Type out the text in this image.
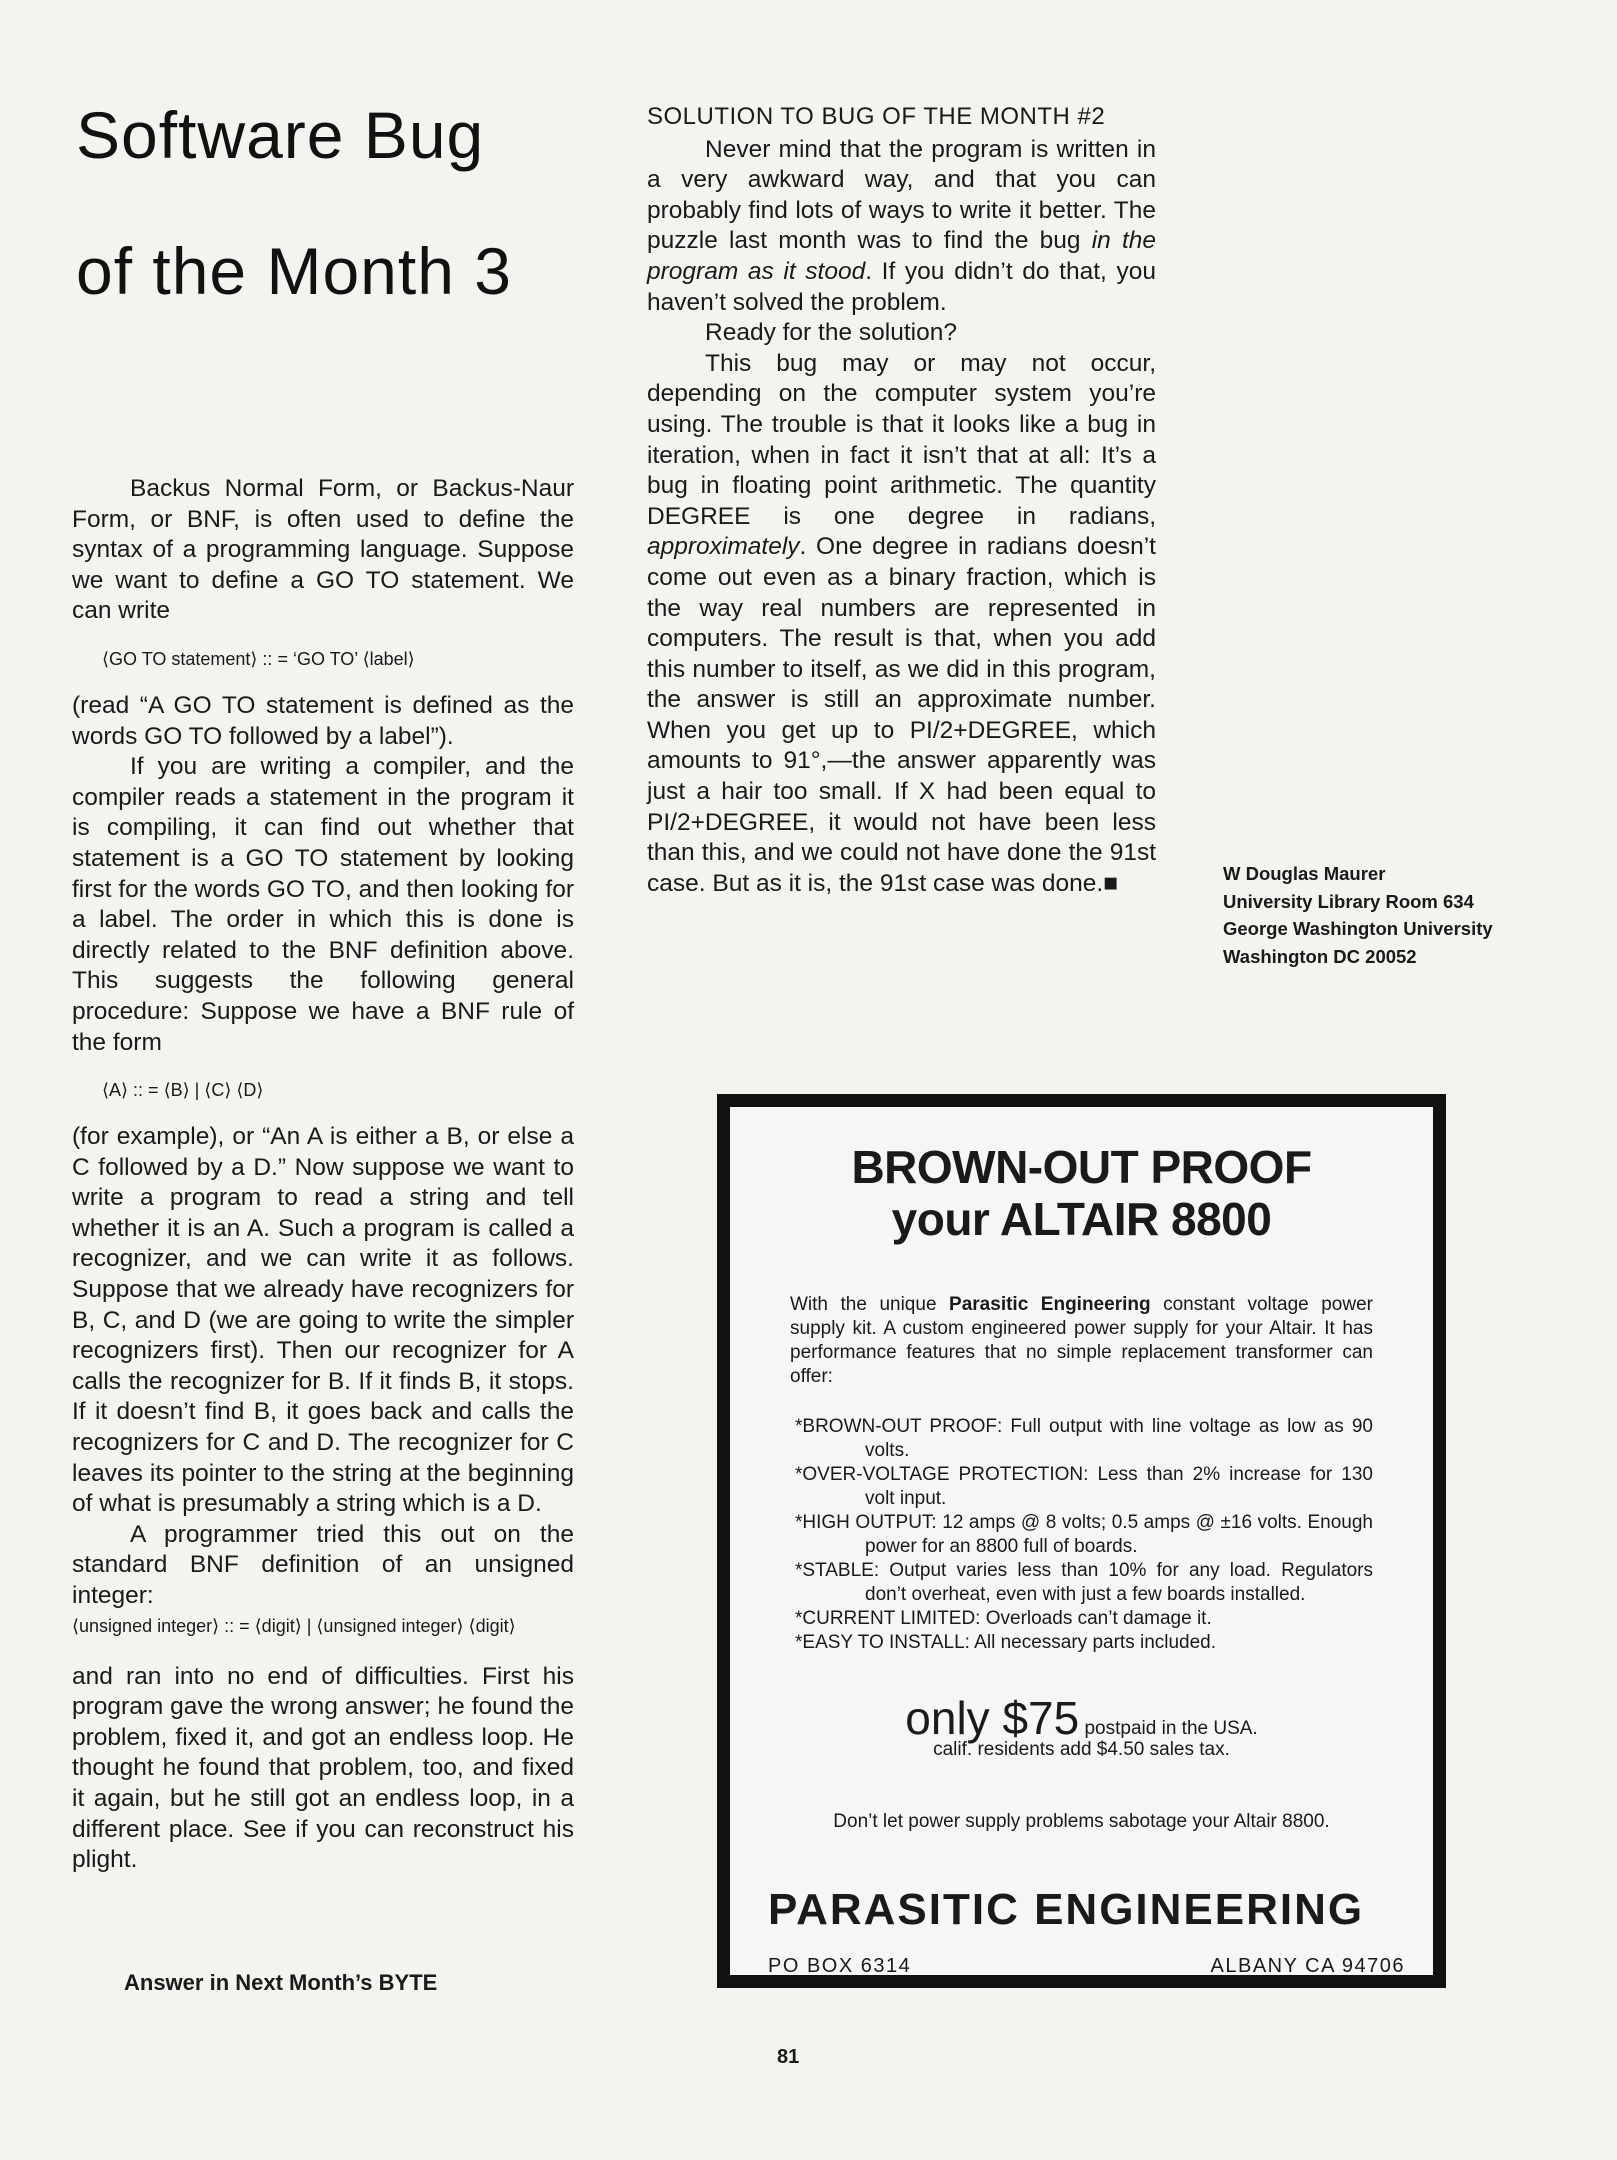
Software Bug
of the Month 3

Backus Normal Form, or Backus-Naur Form, or BNF, is often used to define the syntax of a programming language. Suppose we want to define a GO TO statement. We can write

⟨GO TO statement⟩ :: = ‘GO TO’ ⟨label⟩

(read “A GO TO statement is defined as the words GO TO followed by a label”).

If you are writing a compiler, and the compiler reads a statement in the program it is compiling, it can find out whether that statement is a GO TO statement by looking first for the words GO TO, and then looking for a label. The order in which this is done is directly related to the BNF definition above. This suggests the following general procedure: Suppose we have a BNF rule of the form

⟨A⟩ :: = ⟨B⟩ | ⟨C⟩ ⟨D⟩

(for example), or “An A is either a B, or else a C followed by a D.” Now suppose we want to write a program to read a string and tell whether it is an A. Such a program is called a recognizer, and we can write it as follows. Suppose that we already have recognizers for B, C, and D (we are going to write the simpler recognizers first). Then our recognizer for A calls the recognizer for B. If it finds B, it stops. If it doesn’t find B, it goes back and calls the recognizers for C and D. The recognizer for C leaves its pointer to the string at the beginning of what is presumably a string which is a D.

A programmer tried this out on the standard BNF definition of an unsigned integer:

⟨unsigned integer⟩ :: = ⟨digit⟩ | ⟨unsigned integer⟩ ⟨digit⟩

and ran into no end of difficulties. First his program gave the wrong answer; he found the problem, fixed it, and got an endless loop. He thought he found that problem, too, and fixed it again, but he still got an endless loop, in a different place. See if you can reconstruct his plight.

Answer in Next Month’s BYTE

SOLUTION TO BUG OF THE MONTH #2

Never mind that the program is written in a very awkward way, and that you can probably find lots of ways to write it better. The puzzle last month was to find the bug in the program as it stood. If you didn’t do that, you haven’t solved the problem.

Ready for the solution?

This bug may or may not occur, depending on the computer system you’re using. The trouble is that it looks like a bug in iteration, when in fact it isn’t that at all: It’s a bug in floating point arithmetic. The quantity DEGREE is one degree in radians, approximately. One degree in radians doesn’t come out even as a binary fraction, which is the way real numbers are represented in computers. The result is that, when you add this number to itself, as we did in this program, the answer is still an approximate number. When you get up to PI/2+DEGREE, which amounts to 91°,—the answer apparently was just a hair too small. If X had been equal to PI/2+DEGREE, it would not have been less than this, and we could not have done the 91st case. But as it is, the 91st case was done.■	W Douglas Maurer
University Library Room 634
George Washington University
Washington DC 20052
BROWN-OUT PROOF
your ALTAIR 8800
With the unique Parasitic Engineering constant voltage power supply kit. A custom engineered power supply for your Altair. It has performance features that no simple replacement transformer can offer:
*BROWN-OUT PROOF: Full output with line voltage as low as 90 volts.
*OVER-VOLTAGE PROTECTION: Less than 2% increase for 130 volt input.
*HIGH OUTPUT: 12 amps @ 8 volts; 0.5 amps @ ±16 volts. Enough power for an 8800 full of boards.
*STABLE: Output varies less than 10% for any load. Regulators don’t overheat, even with just a few boards installed.
*CURRENT LIMITED: Overloads can’t damage it.
*EASY TO INSTALL: All necessary parts included.
only $75 postpaid in the USA.
calif. residents add $4.50 sales tax.
Don’t let power supply problems sabotage your Altair 8800.
PARASITIC ENGINEERING
PO BOX 6314	ALBANY CA 94706
81
